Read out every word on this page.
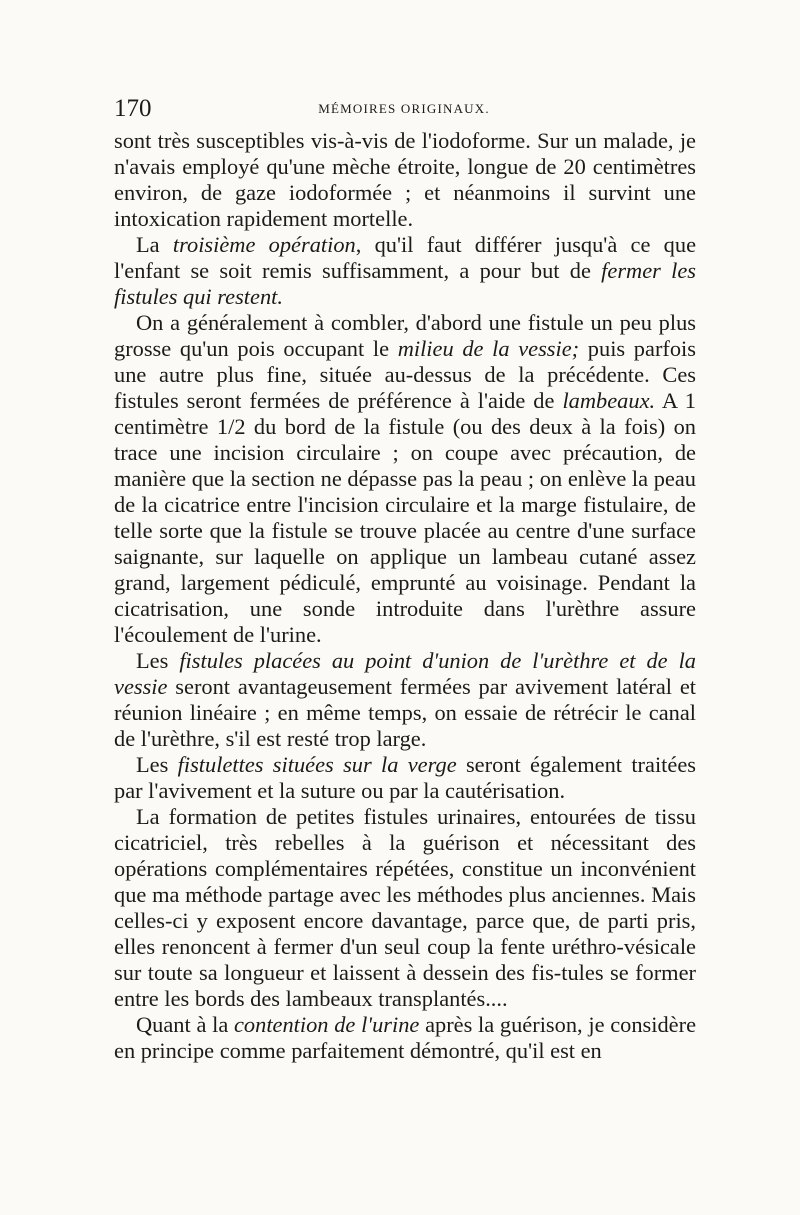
170	MÉMOIRES ORIGINAUX.

sont très susceptibles vis-à-vis de l'iodoforme. Sur un malade, je n'avais employé qu'une mèche étroite, longue de 20 centimètres environ, de gaze iodoformée ; et néanmoins il survint une intoxication rapidement mortelle.

La troisième opération, qu'il faut différer jusqu'à ce que l'enfant se soit remis suffisamment, a pour but de fermer les fistules qui restent.

On a généralement à combler, d'abord une fistule un peu plus grosse qu'un pois occupant le milieu de la vessie; puis parfois une autre plus fine, située au-dessus de la précédente. Ces fistules seront fermées de préférence à l'aide de lambeaux. A 1 centimètre 1/2 du bord de la fistule (ou des deux à la fois) on trace une incision circulaire ; on coupe avec précaution, de manière que la section ne dépasse pas la peau ; on enlève la peau de la cicatrice entre l'incision circulaire et la marge fistulaire, de telle sorte que la fistule se trouve placée au centre d'une surface saignante, sur laquelle on applique un lambeau cutané assez grand, largement pédiculé, emprunté au voisinage. Pendant la cicatrisation, une sonde introduite dans l'urèthre assure l'écoulement de l'urine.

Les fistules placées au point d'union de l'urèthre et de la vessie seront avantageusement fermées par avivement latéral et réunion linéaire ; en même temps, on essaie de rétrécir le canal de l'urèthre, s'il est resté trop large.

Les fistulettes situées sur la verge seront également traitées par l'avivement et la suture ou par la cautérisation.

La formation de petites fistules urinaires, entourées de tissu cicatriciel, très rebelles à la guérison et nécessitant des opérations complémentaires répétées, constitue un inconvénient que ma méthode partage avec les méthodes plus anciennes. Mais celles-ci y exposent encore davantage, parce que, de parti pris, elles renoncent à fermer d'un seul coup la fente uréthro-vésicale sur toute sa longueur et laissent à dessein des fis-tules se former entre les bords des lambeaux transplantés....

Quant à la contention de l'urine après la guérison, je considère en principe comme parfaitement démontré, qu'il est en
